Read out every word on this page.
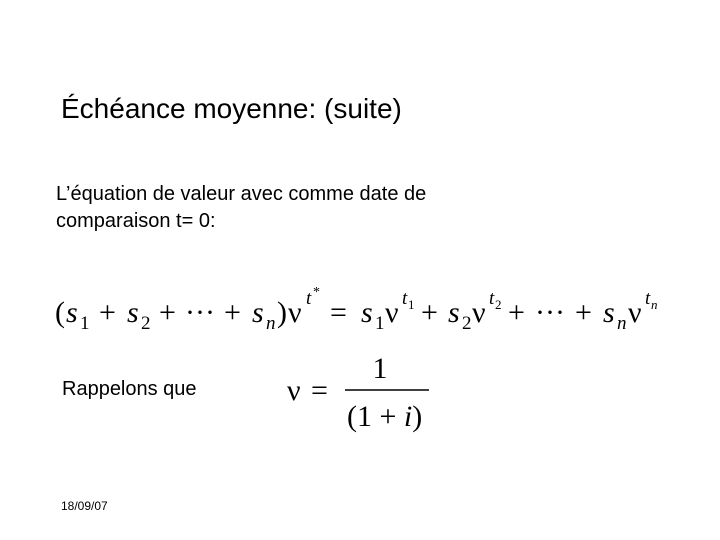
Échéance moyenne: (suite)
L’équation de valeur avec comme date de
comparaison t= 0:
( s 1 + s 2 + ··· + s n ) ν t *
= s 1 ν t 1 + s 2 ν t 2 + ··· + s n ν t n
Rappelons que	ν =
1
(1 + i)
18/09/07
